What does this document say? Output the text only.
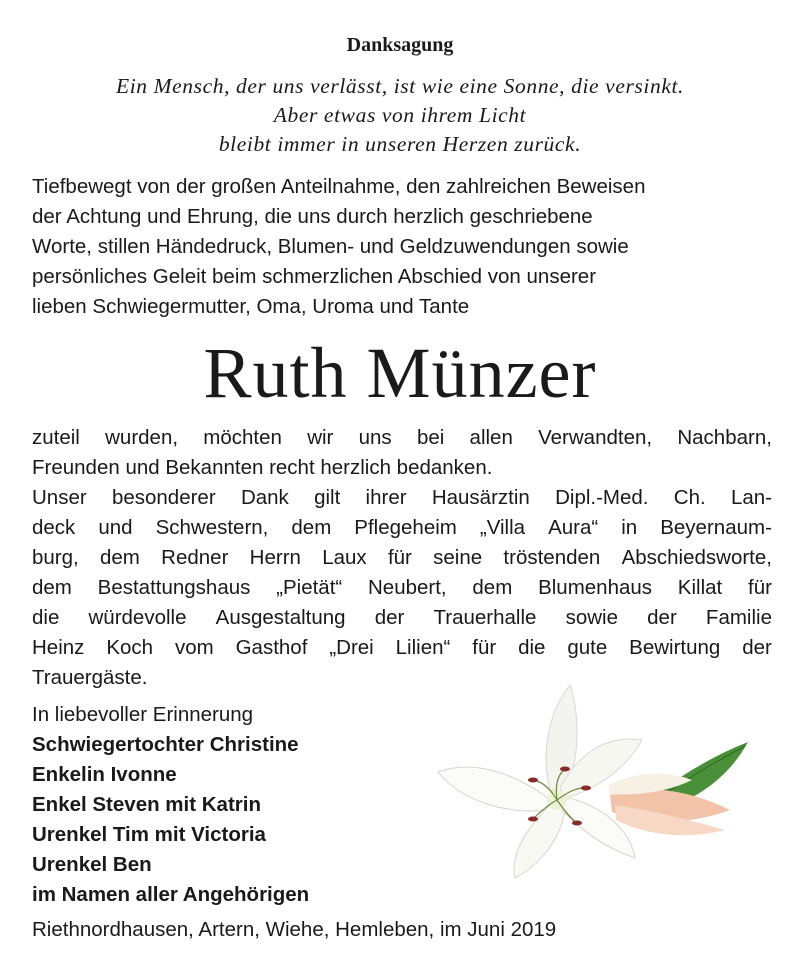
Danksagung
Ein Mensch, der uns verlässt, ist wie eine Sonne, die versinkt.
Aber etwas von ihrem Licht
bleibt immer in unseren Herzen zurück.
Tiefbewegt von der großen Anteilnahme, den zahlreichen Beweisen
der Achtung und Ehrung, die uns durch herzlich geschriebene
Worte, stillen Händedruck, Blumen- und Geldzuwendungen sowie
persönliches Geleit beim schmerzlichen Abschied von unserer
lieben Schwiegermutter, Oma, Uroma und Tante
Ruth Münzer
zuteil wurden, möchten wir uns bei allen Verwandten, Nachbarn,
Freunden und Bekannten recht herzlich bedanken.
Unser besonderer Dank gilt ihrer Hausärztin Dipl.-Med. Ch. Lan-
deck und Schwestern, dem Pflegeheim „Villa Aura“ in Beyernaum-
burg, dem Redner Herrn Laux für seine tröstenden Abschiedsworte,
dem Bestattungshaus „Pietät“ Neubert, dem Blumenhaus Killat für
die würdevolle Ausgestaltung der Trauerhalle sowie der Familie
Heinz Koch vom Gasthof „Drei Lilien“ für die gute Bewirtung der
Trauergäste.
In liebevoller Erinnerung
Schwiegertochter Christine
Enkelin Ivonne
Enkel Steven mit Katrin
Urenkel Tim mit Victoria
Urenkel Ben
im Namen aller Angehörigen
Riethnordhausen, Artern, Wiehe, Hemleben, im Juni 2019
